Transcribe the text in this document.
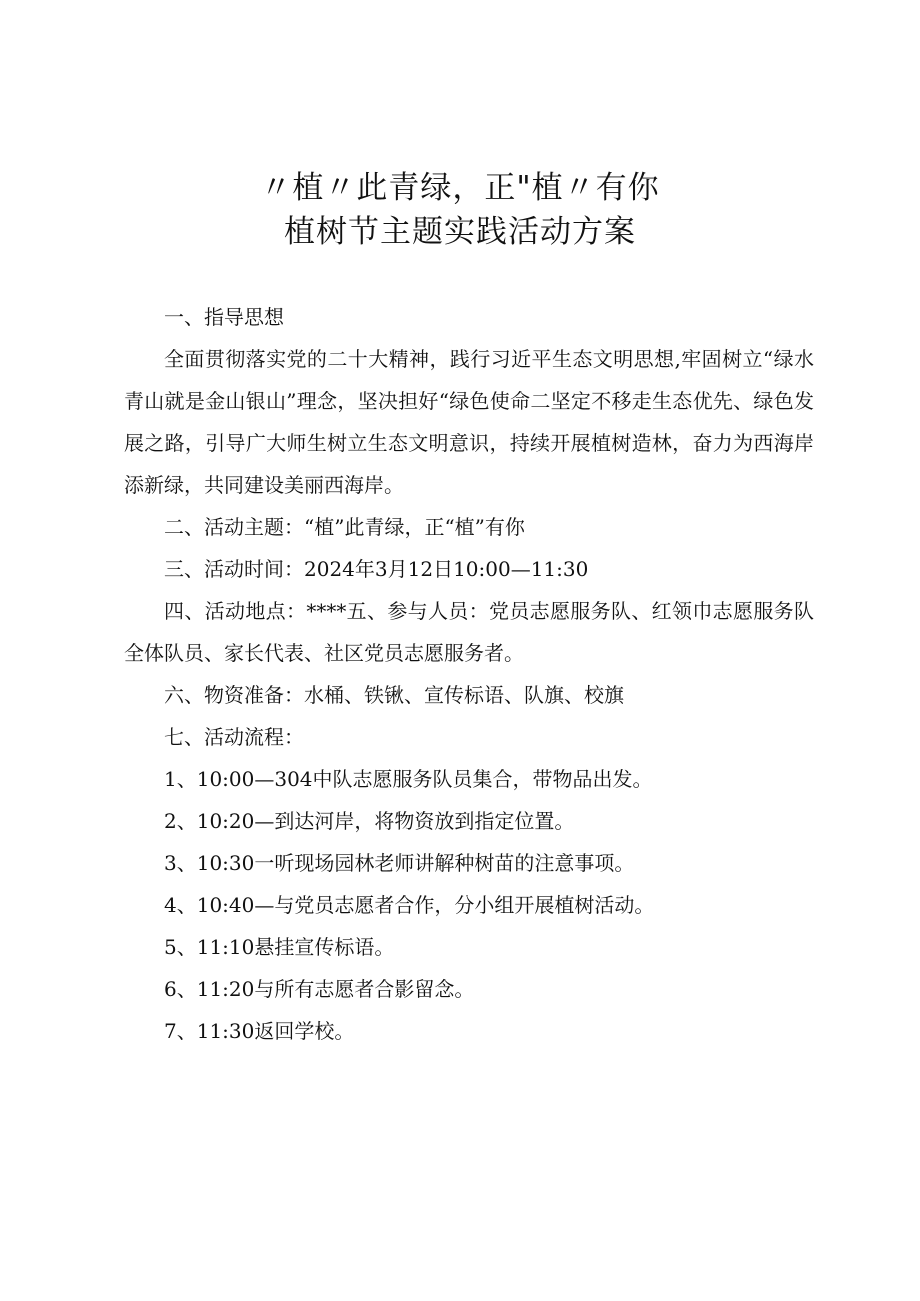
〃植〃此青绿，正"植〃有你
植树节主题实践活动方案

一、指导思想

全面贯彻落实党的二十大精神，践行习近平生态文明思想,牢固树立“绿水青山就是金山银山”理念，坚决担好“绿色使命二坚定不移走生态优先、绿色发展之路，引导广大师生树立生态文明意识，持续开展植树造林，奋力为西海岸添新绿，共同建设美丽西海岸。

二、活动主题：“植”此青绿，正“植”有你

三、活动时间：2024年3月12日10:00—11:30

四、活动地点：****五、参与人员：党员志愿服务队、红领巾志愿服务队全体队员、家长代表、社区党员志愿服务者。

六、物资准备：水桶、铁锹、宣传标语、队旗、校旗

七、活动流程：

1、10:00—304中队志愿服务队员集合，带物品出发。

2、10:20—到达河岸，将物资放到指定位置。

3、10:30一听现场园林老师讲解种树苗的注意事项。

4、10:40—与党员志愿者合作，分小组开展植树活动。

5、11:10悬挂宣传标语。

6、11:20与所有志愿者合影留念。

7、11:30返回学校。
